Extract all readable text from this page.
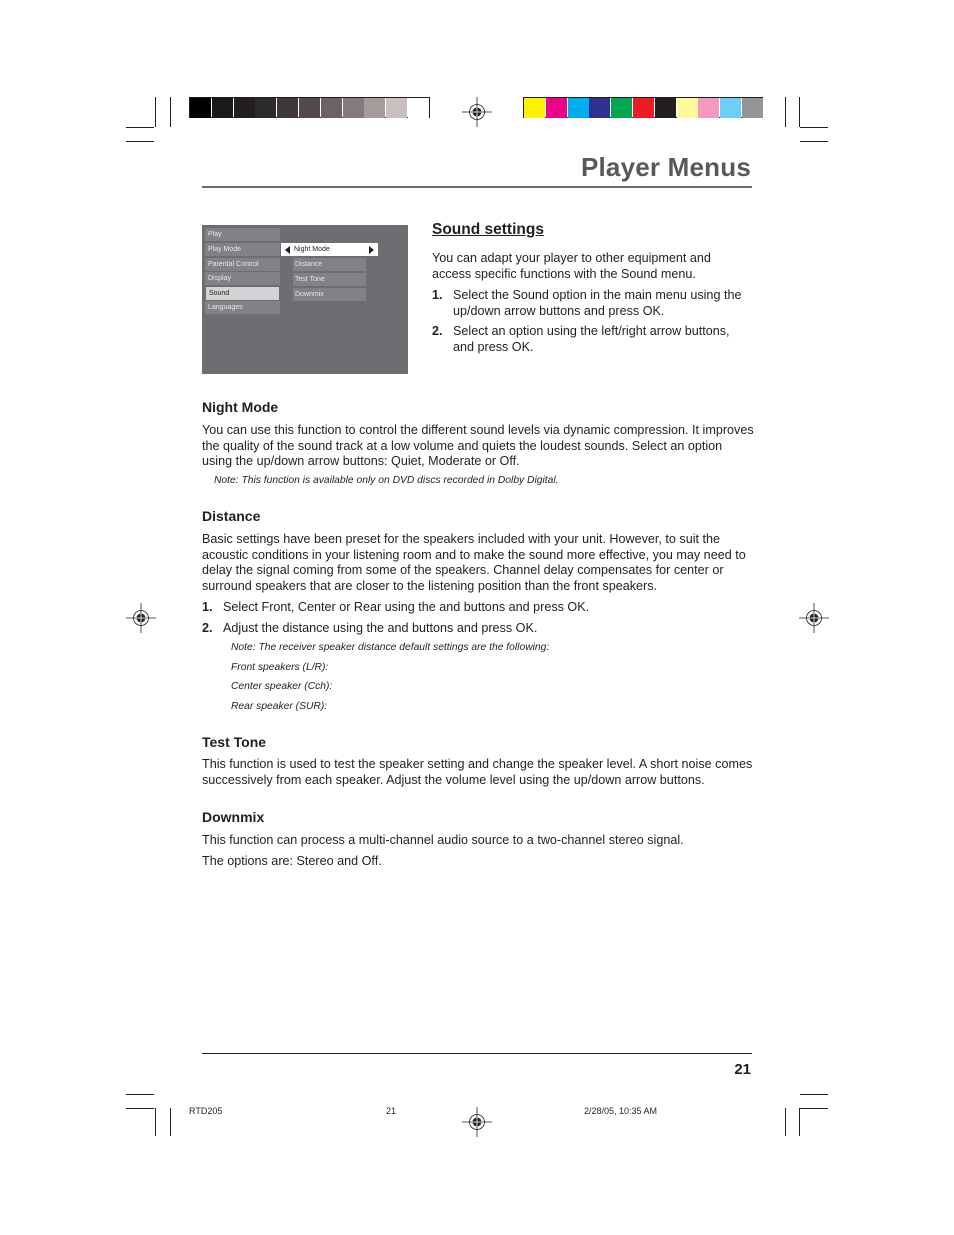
Player Menus
Play
Play Mode
Parental Control
Display
Sound
Languages
Night Mode
Distance
Test Tone
Downmix
Sound settings

You can adapt your player to other equipment and access specific functions with the Sound menu.

1. Select the Sound option in the main menu using the up/down arrow buttons and press OK.
2. Select an option using the left/right arrow buttons, and press OK.
Night Mode

You can use this function to control the different sound levels via dynamic compression. It improves the quality of the sound track at a low volume and quiets the loudest sounds. Select an option using the up/down arrow buttons: Quiet, Moderate or Off.

Note: This function is available only on DVD discs recorded in Dolby Digital.

Distance

Basic settings have been preset for the speakers included with your unit. However, to suit the acoustic conditions in your listening room and to make the sound more effective, you may need to delay the signal coming from some of the speakers. Channel delay compensates for center or surround speakers that are closer to the listening position than the front speakers.

1. Select Front, Center or Rear using the and buttons and press OK.
2. Adjust the distance using the and buttons and press OK.

Note: The receiver speaker distance default settings are the following:

Front speakers (L/R):

Center speaker (Cch):

Rear speaker (SUR):

Test Tone

This function is used to test the speaker setting and change the speaker level. A short noise comes successively from each speaker. Adjust the volume level using the up/down arrow buttons.

Downmix

This function can process a multi-channel audio source to a two-channel stereo signal.

The options are: Stereo and Off.

21
RTD205	21	2/28/05, 10:35 AM
